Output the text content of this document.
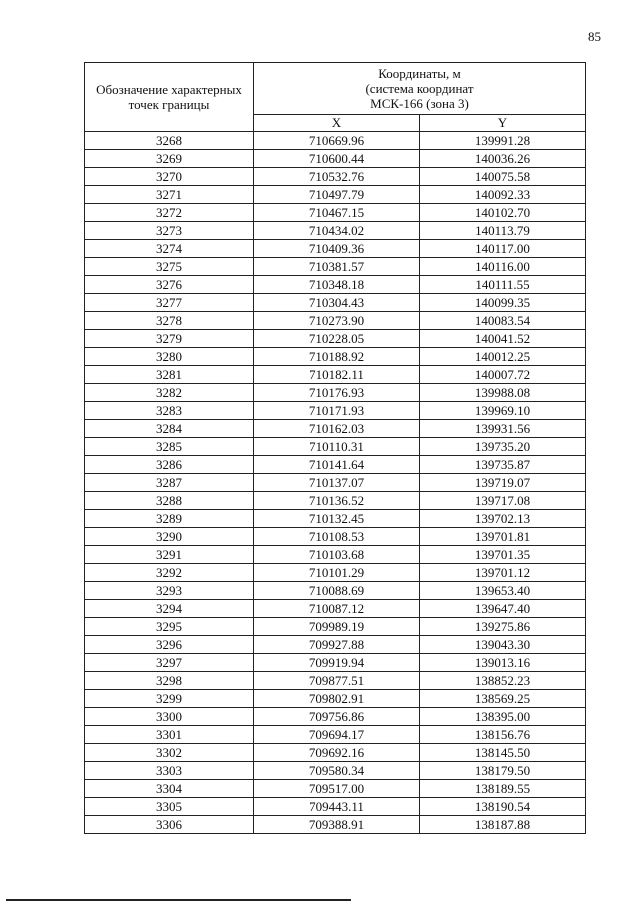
85
Обозначение характерных точек границы	Координаты, м
(система координат
МСК-166 (зона 3)	

	X	Y
3268	710669.96	139991.28
3269	710600.44	140036.26
3270	710532.76	140075.58
3271	710497.79	140092.33
3272	710467.15	140102.70
3273	710434.02	140113.79
3274	710409.36	140117.00
3275	710381.57	140116.00
3276	710348.18	140111.55
3277	710304.43	140099.35
3278	710273.90	140083.54
3279	710228.05	140041.52
3280	710188.92	140012.25
3281	710182.11	140007.72
3282	710176.93	139988.08
3283	710171.93	139969.10
3284	710162.03	139931.56
3285	710110.31	139735.20
3286	710141.64	139735.87
3287	710137.07	139719.07
3288	710136.52	139717.08
3289	710132.45	139702.13
3290	710108.53	139701.81
3291	710103.68	139701.35
3292	710101.29	139701.12
3293	710088.69	139653.40
3294	710087.12	139647.40
3295	709989.19	139275.86
3296	709927.88	139043.30
3297	709919.94	139013.16
3298	709877.51	138852.23
3299	709802.91	138569.25
3300	709756.86	138395.00
3301	709694.17	138156.76
3302	709692.16	138145.50
3303	709580.34	138179.50
3304	709517.00	138189.55
3305	709443.11	138190.54
3306	709388.91	138187.88
